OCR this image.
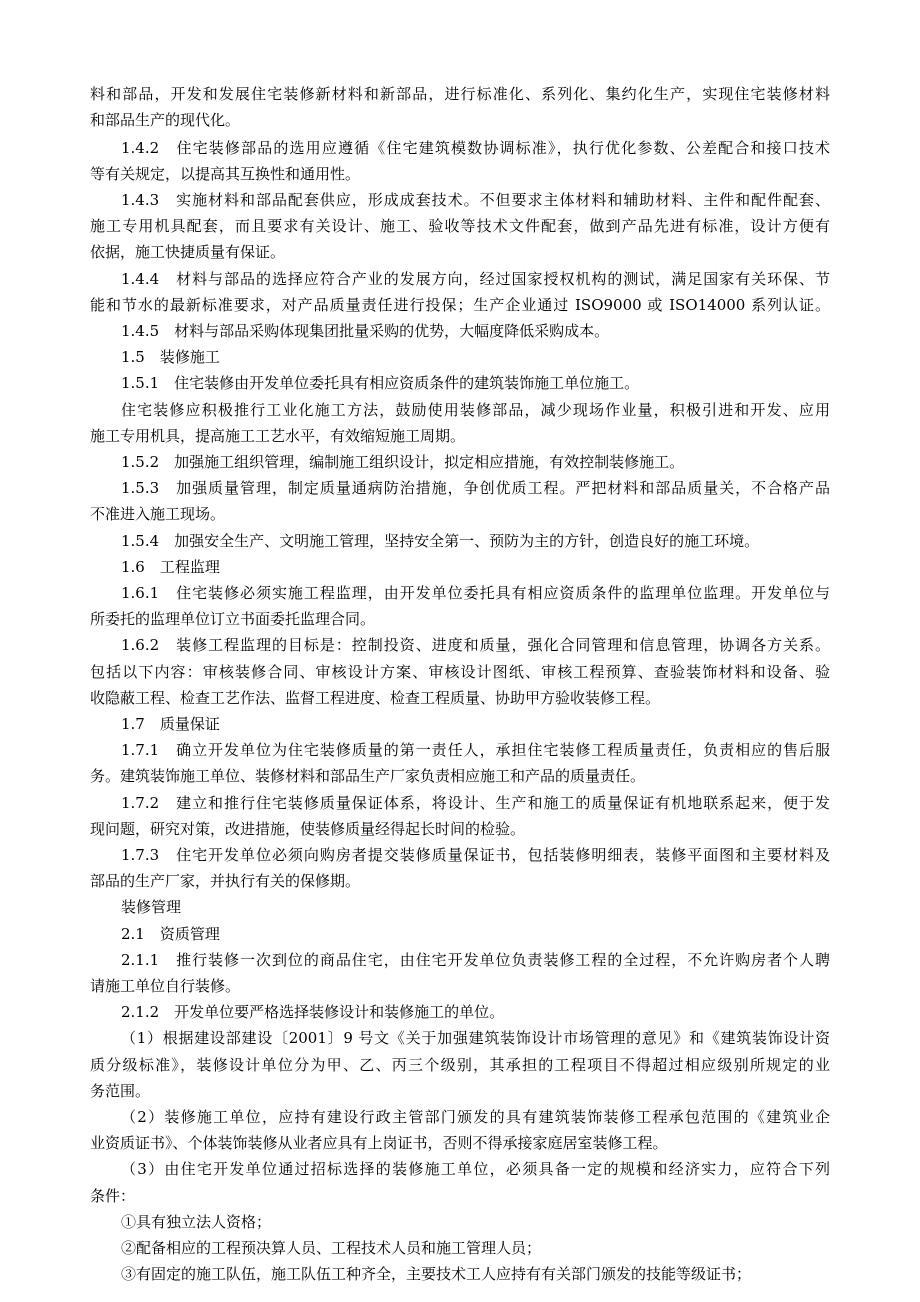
料和部品，开发和发展住宅装修新材料和新部品，进行标准化、系列化、集约化生产，实现住宅装修材料
和部品生产的现代化。
1.4.2　住宅装修部品的选用应遵循《住宅建筑模数协调标准》，执行优化参数、公差配合和接口技术
等有关规定，以提高其互换性和通用性。
1.4.3　实施材料和部品配套供应，形成成套技术。不但要求主体材料和辅助材料、主件和配件配套、
施工专用机具配套，而且要求有关设计、施工、验收等技术文件配套，做到产品先进有标准，设计方便有
依据，施工快捷质量有保证。
1.4.4　材料与部品的选择应符合产业的发展方向，经过国家授权机构的测试，满足国家有关环保、节
能和节水的最新标准要求，对产品质量责任进行投保；生产企业通过 ISO9000 或 ISO14000 系列认证。
1.4.5　材料与部品采购体现集团批量采购的优势，大幅度降低采购成本。
1.5　装修施工
1.5.1　住宅装修由开发单位委托具有相应资质条件的建筑装饰施工单位施工。
住宅装修应积极推行工业化施工方法，鼓励使用装修部品，减少现场作业量，积极引进和开发、应用
施工专用机具，提高施工工艺水平，有效缩短施工周期。
1.5.2　加强施工组织管理，编制施工组织设计，拟定相应措施，有效控制装修施工。
1.5.3　加强质量管理，制定质量通病防治措施，争创优质工程。严把材料和部品质量关，不合格产品
不准进入施工现场。
1.5.4　加强安全生产、文明施工管理，坚持安全第一、预防为主的方针，创造良好的施工环境。
1.6　工程监理
1.6.1　住宅装修必须实施工程监理，由开发单位委托具有相应资质条件的监理单位监理。开发单位与
所委托的监理单位订立书面委托监理合同。
1.6.2　装修工程监理的目标是：控制投资、进度和质量，强化合同管理和信息管理，协调各方关系。
包括以下内容：审核装修合同、审核设计方案、审核设计图纸、审核工程预算、查验装饰材料和设备、验
收隐蔽工程、检查工艺作法、监督工程进度、检查工程质量、协助甲方验收装修工程。
1.7　质量保证
1.7.1　确立开发单位为住宅装修质量的第一责任人，承担住宅装修工程质量责任，负责相应的售后服
务。建筑装饰施工单位、装修材料和部品生产厂家负责相应施工和产品的质量责任。
1.7.2　建立和推行住宅装修质量保证体系，将设计、生产和施工的质量保证有机地联系起来，便于发
现问题，研究对策，改进措施，使装修质量经得起长时间的检验。
1.7.3　住宅开发单位必须向购房者提交装修质量保证书，包括装修明细表，装修平面图和主要材料及
部品的生产厂家，并执行有关的保修期。
装修管理
2.1　资质管理
2.1.1　推行装修一次到位的商品住宅，由住宅开发单位负责装修工程的全过程，不允许购房者个人聘
请施工单位自行装修。
2.1.2　开发单位要严格选择装修设计和装修施工的单位。
（1）根据建设部建设〔2001〕9 号文《关于加强建筑装饰设计市场管理的意见》和《建筑装饰设计资
质分级标准》，装修设计单位分为甲、乙、丙三个级别，其承担的工程项目不得超过相应级别所规定的业
务范围。
（2）装修施工单位，应持有建设行政主管部门颁发的具有建筑装饰装修工程承包范围的《建筑业企
业资质证书》、个体装饰装修从业者应具有上岗证书，否则不得承接家庭居室装修工程。
（3）由住宅开发单位通过招标选择的装修施工单位，必须具备一定的规模和经济实力，应符合下列
条件：
①具有独立法人资格；
②配备相应的工程预决算人员、工程技术人员和施工管理人员；
③有固定的施工队伍，施工队伍工种齐全，主要技术工人应持有有关部门颁发的技能等级证书；
